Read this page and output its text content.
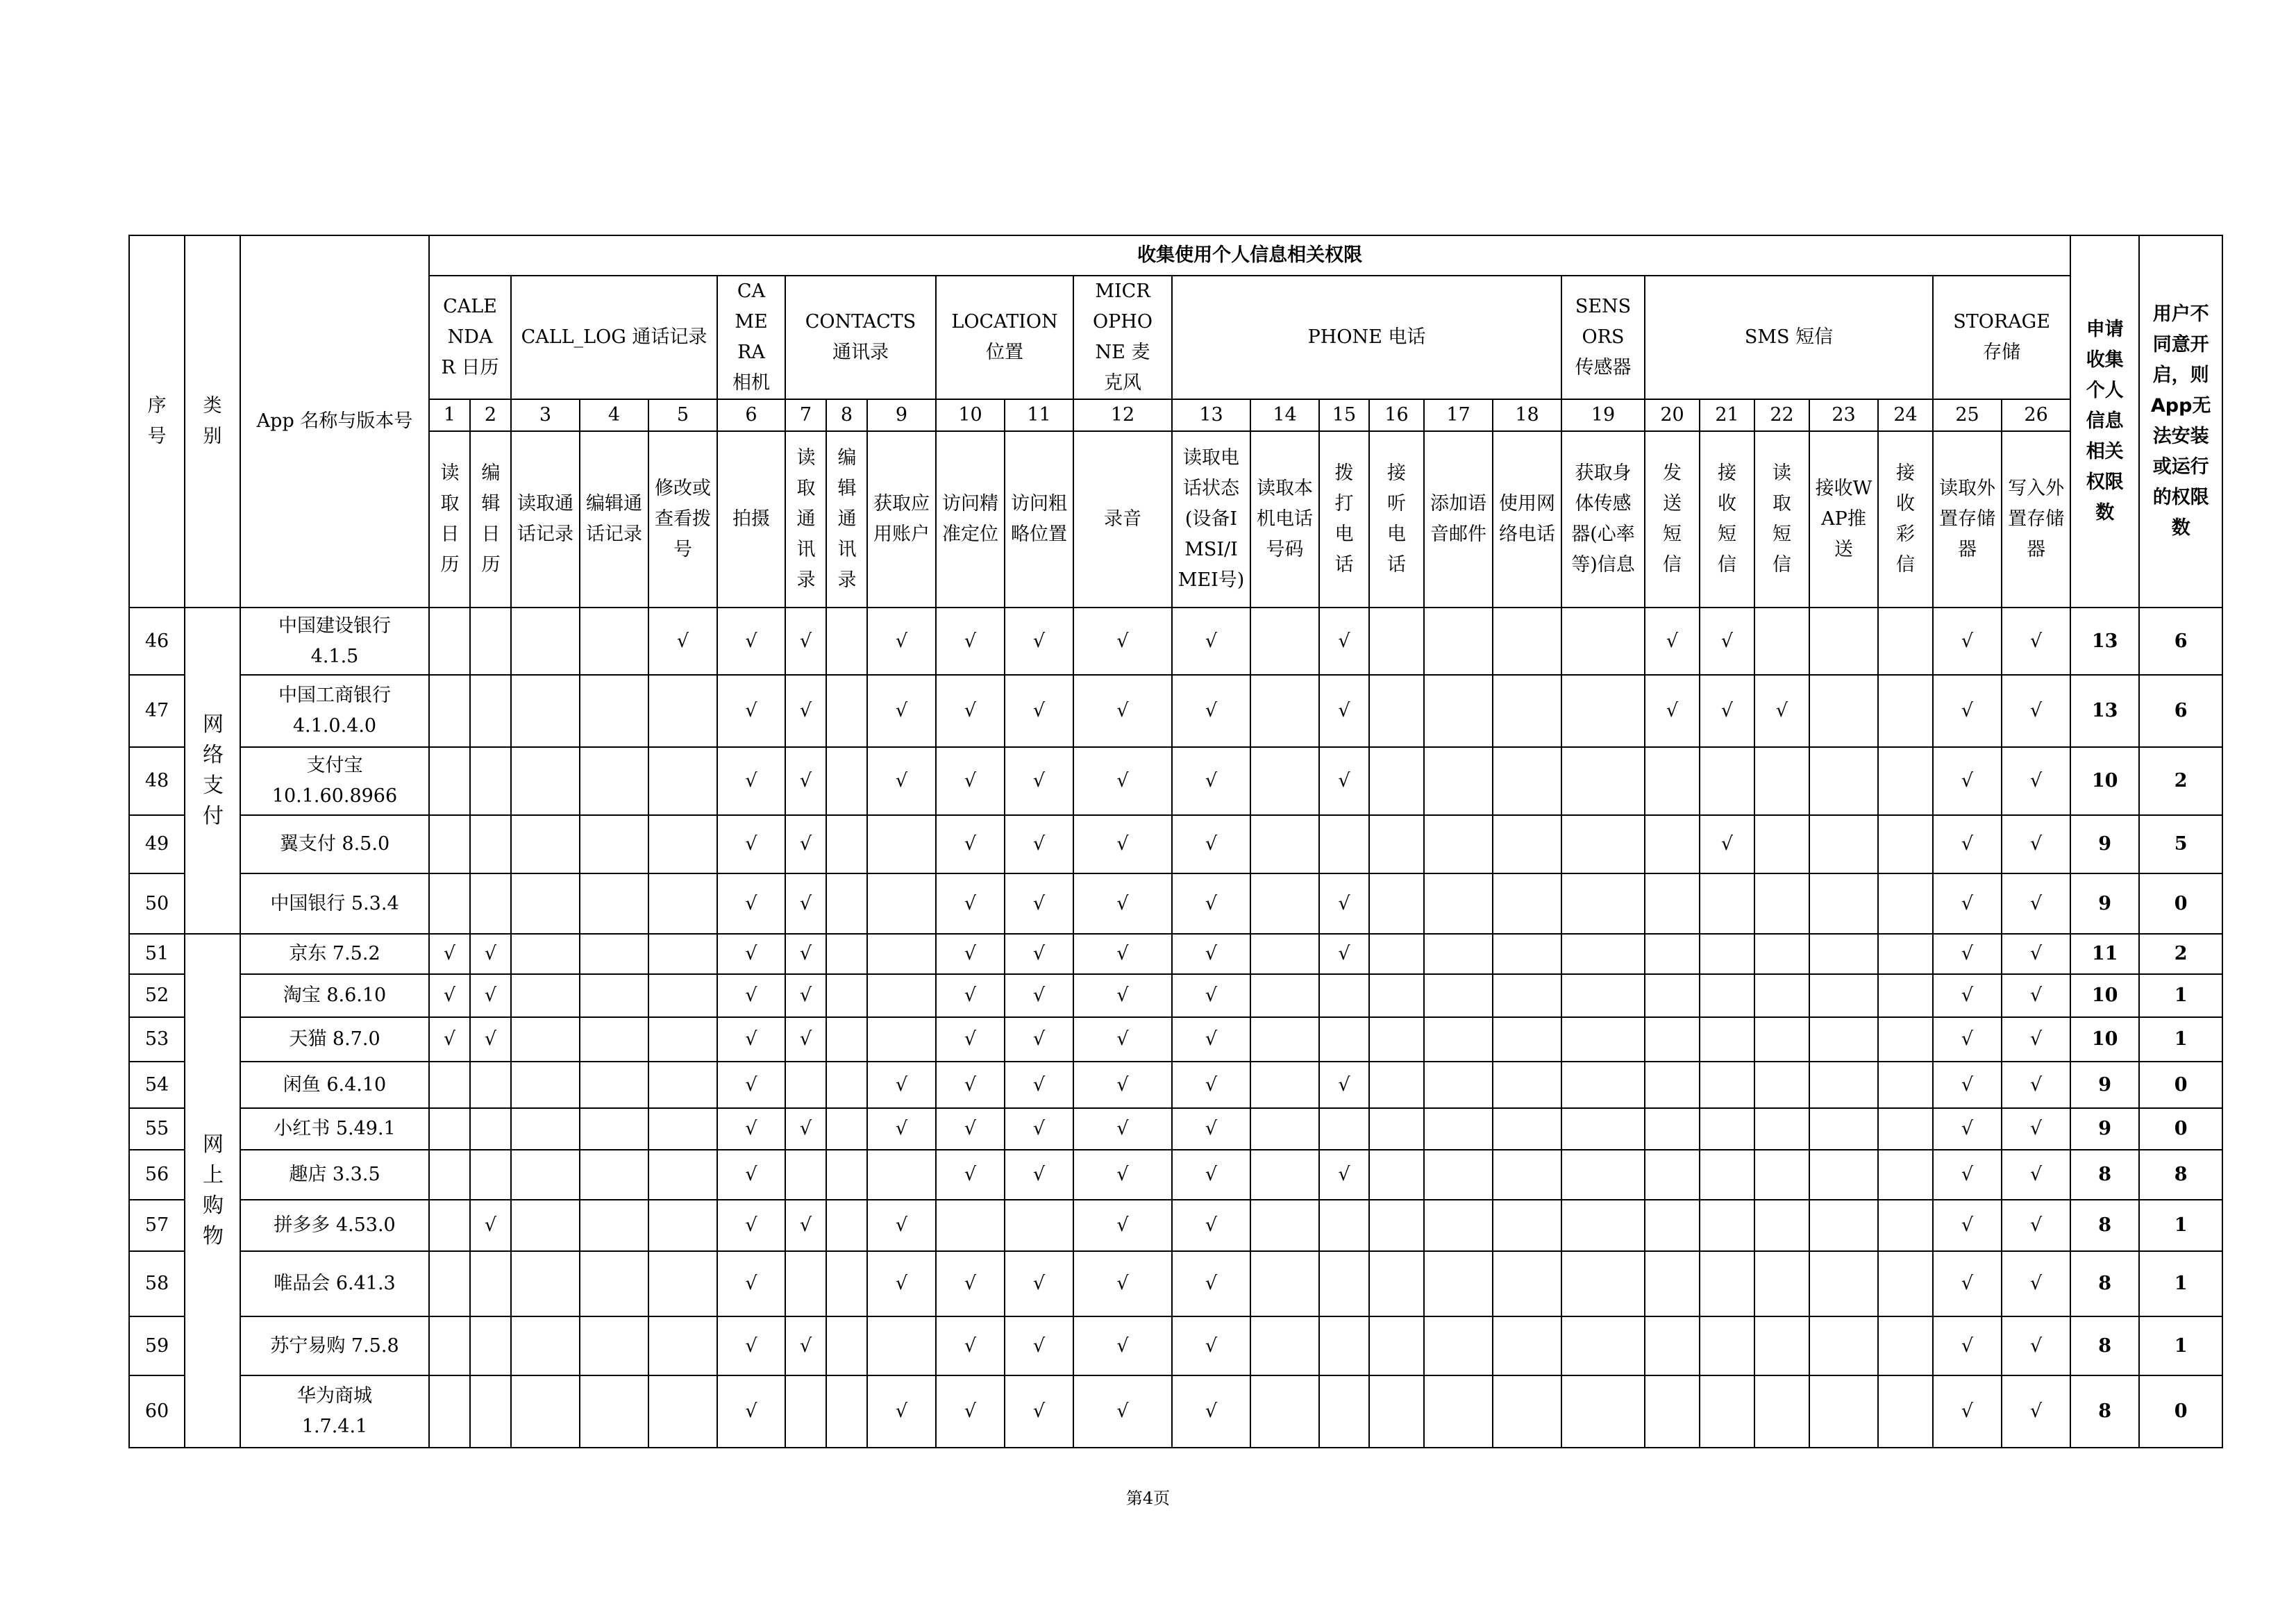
序号	类别	App 名称与版本号	收集使用个人信息相关权限																										申请收集个人信息相关权限数	用户不同意开启，则App无法安装或运行的权限数
			CALENDAR 日历		CALL_LOG 通话记录			CAMERA 相机	CONTACTS 通讯录			LOCATION 位置		MICROPHONE 麦克风	PHONE 电话						SENSORS 传感器	SMS 短信					STORAGE 存储			
			1	2	3	4	5	6	7	8	9	10	11	12	13	14	15	16	17	18	19	20	21	22	23	24	25	26		
			读取日历	编辑日历	读取通话记录	编辑通话记录	修改或查看拨号	拍摄	读取通讯录	编辑通讯录	获取应用账户	访问精准定位	访问粗略位置	录音	读取电话状态(设备IMSI/IMEI号)	读取本机电话号码	拨打电话	接听电话	添加语音邮件	使用网络电话	获取身体传感器(心率等)信息	发送短信	接收短信	读取短信	接收WAP推送	接收彩信	读取外置存储器	写入外置存储器		
46	网络支付	中国建设银行 4.1.5					√	√	√		√	√	√	√	√		√					√	√				√	√	13	6
47		中国工商银行 4.1.0.4.0						√	√		√	√	√	√	√		√					√	√	√			√	√	13	6
48		支付宝 10.1.60.8966						√	√		√	√	√	√	√		√										√	√	10	2
49		翼支付 8.5.0						√	√			√	√	√	√								√				√	√	9	5
50		中国银行 5.3.4						√	√			√	√	√	√		√										√	√	9	0
51	网上购物	京东 7.5.2	√	√				√	√			√	√	√	√		√										√	√	11	2
52		淘宝 8.6.10	√	√				√	√			√	√	√	√												√	√	10	1
53		天猫 8.7.0	√	√				√	√			√	√	√	√												√	√	10	1
54		闲鱼 6.4.10						√			√	√	√	√	√		√										√	√	9	0
55		小红书 5.49.1						√	√		√	√	√	√	√												√	√	9	0
56		趣店 3.3.5						√				√	√	√	√		√										√	√	8	8
57		拼多多 4.53.0		√				√	√		√			√	√												√	√	8	1
58		唯品会 6.41.3						√			√	√	√	√	√												√	√	8	1
59		苏宁易购 7.5.8						√	√			√	√	√	√												√	√	8	1
60		华为商城 1.7.4.1						√			√	√	√	√	√												√	√	8	0
第4页
